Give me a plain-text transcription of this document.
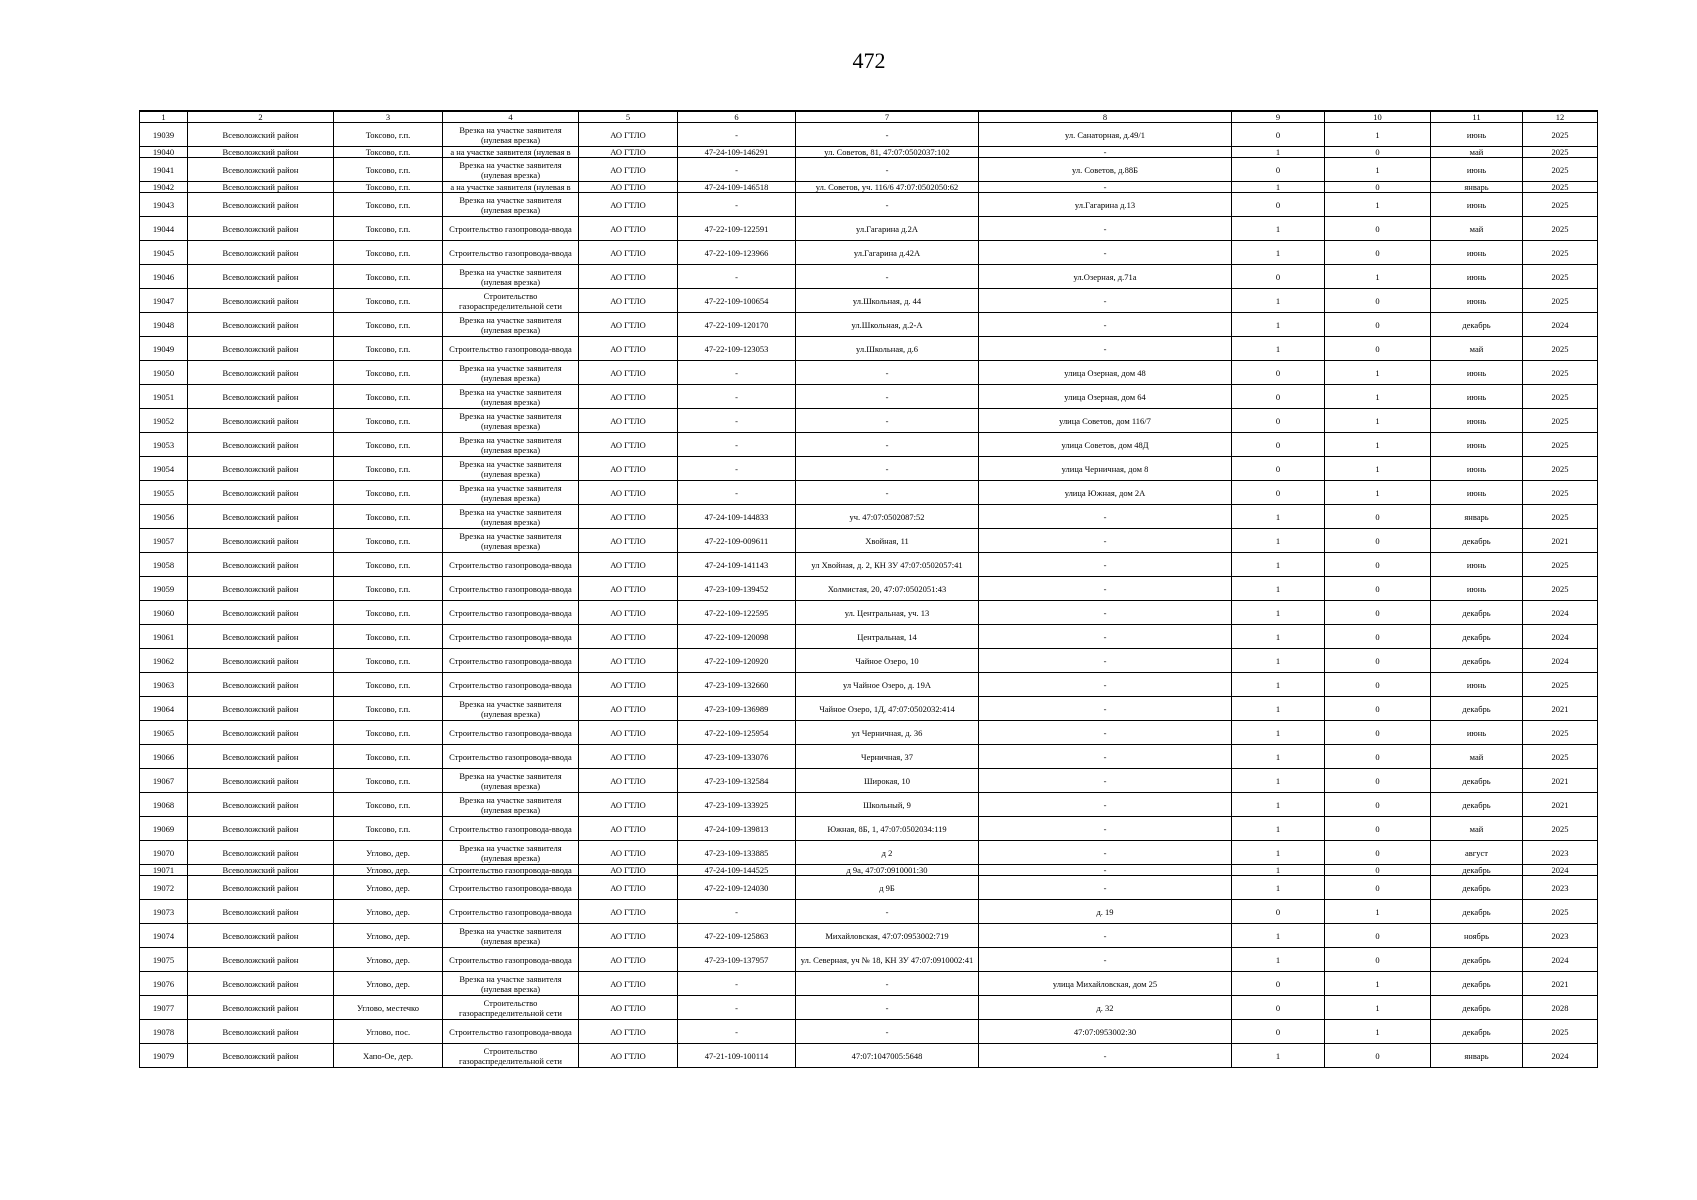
472
1	2	3	4	5	6	7	8	9	10	11	12
19039	Всеволожский район	Токсово, г.п.	Врезка на участке заявителя (нулевая врезка)	АО ГТЛО	-	-	ул. Санаторная, д.49/1	0	1	июнь	2025
19040	Всеволожский район	Токсово, г.п.	а на участке заявителя (нулевая в	АО ГТЛО	47-24-109-146291	ул. Советов, 81, 47:07:0502037:102	-	1	0	май	2025
19041	Всеволожский район	Токсово, г.п.	Врезка на участке заявителя (нулевая врезка)	АО ГТЛО	-	-	ул. Советов, д.88Б	0	1	июнь	2025
19042	Всеволожский район	Токсово, г.п.	а на участке заявителя (нулевая в	АО ГТЛО	47-24-109-146518	ул. Советов, уч. 116/6 47:07:0502050:62	-	1	0	январь	2025
19043	Всеволожский район	Токсово, г.п.	Врезка на участке заявителя (нулевая врезка)	АО ГТЛО	-	-	ул.Гагарина д.13	0	1	июнь	2025
19044	Всеволожский район	Токсово, г.п.	Строительство газопровода-ввода	АО ГТЛО	47-22-109-122591	ул.Гагарина д.2А	-	1	0	май	2025
19045	Всеволожский район	Токсово, г.п.	Строительство газопровода-ввода	АО ГТЛО	47-22-109-123966	ул.Гагарина д.42А	-	1	0	июнь	2025
19046	Всеволожский район	Токсово, г.п.	Врезка на участке заявителя (нулевая врезка)	АО ГТЛО	-	-	ул.Озерная, д.71а	0	1	июнь	2025
19047	Всеволожский район	Токсово, г.п.	Строительство газораспределительной сети	АО ГТЛО	47-22-109-100654	ул.Школьная, д. 44	-	1	0	июнь	2025
19048	Всеволожский район	Токсово, г.п.	Врезка на участке заявителя (нулевая врезка)	АО ГТЛО	47-22-109-120170	ул.Школьная, д.2-А	-	1	0	декабрь	2024
19049	Всеволожский район	Токсово, г.п.	Строительство газопровода-ввода	АО ГТЛО	47-22-109-123053	ул.Школьная, д.6	-	1	0	май	2025
19050	Всеволожский район	Токсово, г.п.	Врезка на участке заявителя (нулевая врезка)	АО ГТЛО	-	-	улица Озерная, дом 48	0	1	июнь	2025
19051	Всеволожский район	Токсово, г.п.	Врезка на участке заявителя (нулевая врезка)	АО ГТЛО	-	-	улица Озерная, дом 64	0	1	июнь	2025
19052	Всеволожский район	Токсово, г.п.	Врезка на участке заявителя (нулевая врезка)	АО ГТЛО	-	-	улица Советов, дом 116/7	0	1	июнь	2025
19053	Всеволожский район	Токсово, г.п.	Врезка на участке заявителя (нулевая врезка)	АО ГТЛО	-	-	улица Советов, дом 48Д	0	1	июнь	2025
19054	Всеволожский район	Токсово, г.п.	Врезка на участке заявителя (нулевая врезка)	АО ГТЛО	-	-	улица Черничная, дом 8	0	1	июнь	2025
19055	Всеволожский район	Токсово, г.п.	Врезка на участке заявителя (нулевая врезка)	АО ГТЛО	-	-	улица Южная, дом 2А	0	1	июнь	2025
19056	Всеволожский район	Токсово, г.п.	Врезка на участке заявителя (нулевая врезка)	АО ГТЛО	47-24-109-144833	уч. 47:07:0502087:52	-	1	0	январь	2025
19057	Всеволожский район	Токсово, г.п.	Врезка на участке заявителя (нулевая врезка)	АО ГТЛО	47-22-109-009611	Хвойная, 11	-	1	0	декабрь	2021
19058	Всеволожский район	Токсово, г.п.	Строительство газопровода-ввода	АО ГТЛО	47-24-109-141143	ул Хвойная, д. 2, КН ЗУ 47:07:0502057:41	-	1	0	июнь	2025
19059	Всеволожский район	Токсово, г.п.	Строительство газопровода-ввода	АО ГТЛО	47-23-109-139452	Холмистая, 20, 47:07:0502051:43	-	1	0	июнь	2025
19060	Всеволожский район	Токсово, г.п.	Строительство газопровода-ввода	АО ГТЛО	47-22-109-122595	ул. Центральная, уч. 13	-	1	0	декабрь	2024
19061	Всеволожский район	Токсово, г.п.	Строительство газопровода-ввода	АО ГТЛО	47-22-109-120098	Центральная, 14	-	1	0	декабрь	2024
19062	Всеволожский район	Токсово, г.п.	Строительство газопровода-ввода	АО ГТЛО	47-22-109-120920	Чайное Озеро, 10	-	1	0	декабрь	2024
19063	Всеволожский район	Токсово, г.п.	Строительство газопровода-ввода	АО ГТЛО	47-23-109-132660	ул Чайное Озеро, д. 19А	-	1	0	июнь	2025
19064	Всеволожский район	Токсово, г.п.	Врезка на участке заявителя (нулевая врезка)	АО ГТЛО	47-23-109-136989	Чайное Озеро, 1Д, 47:07:0502032:414	-	1	0	декабрь	2021
19065	Всеволожский район	Токсово, г.п.	Строительство газопровода-ввода	АО ГТЛО	47-22-109-125954	ул Черничная, д. 36	-	1	0	июнь	2025
19066	Всеволожский район	Токсово, г.п.	Строительство газопровода-ввода	АО ГТЛО	47-23-109-133076	Черничная, 37	-	1	0	май	2025
19067	Всеволожский район	Токсово, г.п.	Врезка на участке заявителя (нулевая врезка)	АО ГТЛО	47-23-109-132584	Широкая, 10	-	1	0	декабрь	2021
19068	Всеволожский район	Токсово, г.п.	Врезка на участке заявителя (нулевая врезка)	АО ГТЛО	47-23-109-133925	Школьный, 9	-	1	0	декабрь	2021
19069	Всеволожский район	Токсово, г.п.	Строительство газопровода-ввода	АО ГТЛО	47-24-109-139813	Южная, 8Б, 1, 47:07:0502034:119	-	1	0	май	2025
19070	Всеволожский район	Углово, дер.	Врезка на участке заявителя (нулевая врезка)	АО ГТЛО	47-23-109-133885	д 2	-	1	0	август	2023
19071	Всеволожский район	Углово, дер.	Строительство газопровода-ввода	АО ГТЛО	47-24-109-144525	д 9а, 47:07:0910001:30	-	1	0	декабрь	2024
19072	Всеволожский район	Углово, дер.	Строительство газопровода-ввода	АО ГТЛО	47-22-109-124030	д 9Б	-	1	0	декабрь	2023
19073	Всеволожский район	Углово, дер.	Строительство газопровода-ввода	АО ГТЛО	-	-	д. 19	0	1	декабрь	2025
19074	Всеволожский район	Углово, дер.	Врезка на участке заявителя (нулевая врезка)	АО ГТЛО	47-22-109-125863	Михайловская, 47:07:0953002:719	-	1	0	ноябрь	2023
19075	Всеволожский район	Углово, дер.	Строительство газопровода-ввода	АО ГТЛО	47-23-109-137957	ул. Северная, уч № 18, КН ЗУ 47:07:0910002:41	-	1	0	декабрь	2024
19076	Всеволожский район	Углово, дер.	Врезка на участке заявителя (нулевая врезка)	АО ГТЛО	-	-	улица Михайловская, дом 25	0	1	декабрь	2021
19077	Всеволожский район	Углово, местечко	Строительство газораспределительной сети	АО ГТЛО	-	-	д. 32	0	1	декабрь	2028
19078	Всеволожский район	Углово, пос.	Строительство газопровода-ввода	АО ГТЛО	-	-	47:07:0953002:30	0	1	декабрь	2025
19079	Всеволожский район	Хапо-Ое, дер.	Строительство газораспределительной сети	АО ГТЛО	47-21-109-100114	47:07:1047005:5648	-	1	0	январь	2024
